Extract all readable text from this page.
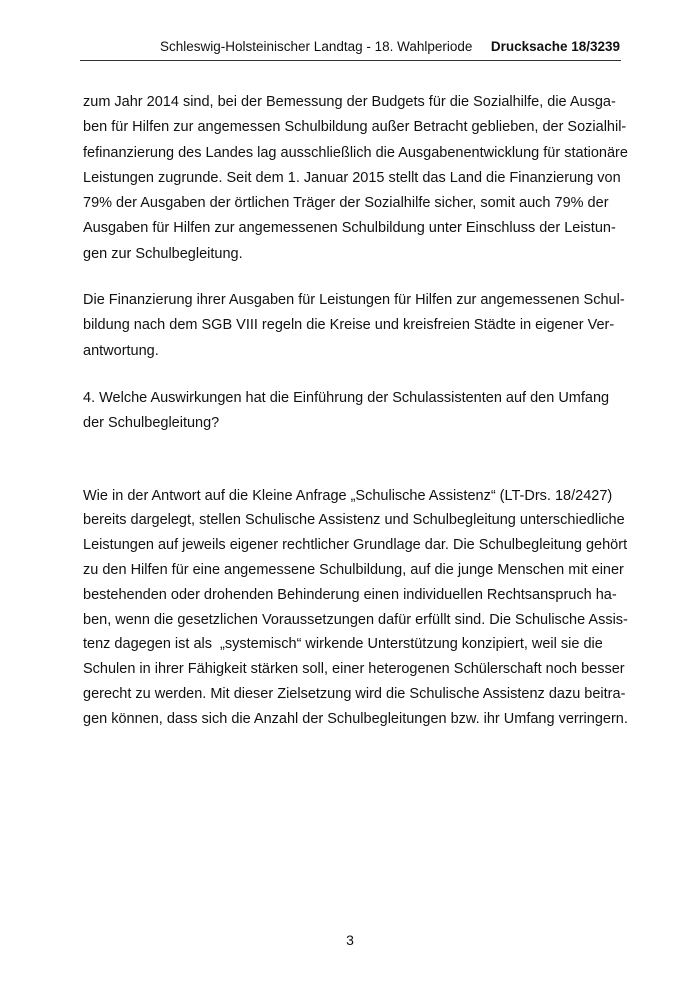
Schleswig-Holsteinischer Landtag - 18. Wahlperiode Drucksache 18/3239
zum Jahr 2014 sind, bei der Bemessung der Budgets für die Sozialhilfe, die Ausga-
ben für Hilfen zur angemessen Schulbildung außer Betracht geblieben, der Sozialhil-
fefinanzierung des Landes lag ausschließlich die Ausgabenentwicklung für stationäre
Leistungen zugrunde. Seit dem 1. Januar 2015 stellt das Land die Finanzierung von
79% der Ausgaben der örtlichen Träger der Sozialhilfe sicher, somit auch 79% der
Ausgaben für Hilfen zur angemessenen Schulbildung unter Einschluss der Leistun-
gen zur Schulbegleitung.
Die Finanzierung ihrer Ausgaben für Leistungen für Hilfen zur angemessenen Schul-
bildung nach dem SGB VIII regeln die Kreise und kreisfreien Städte in eigener Ver-
antwortung.
4. Welche Auswirkungen hat die Einführung der Schulassistenten auf den Umfang
der Schulbegleitung?
Wie in der Antwort auf die Kleine Anfrage „Schulische Assistenz“ (LT-Drs. 18/2427)
bereits dargelegt, stellen Schulische Assistenz und Schulbegleitung unterschiedliche
Leistungen auf jeweils eigener rechtlicher Grundlage dar. Die Schulbegleitung gehört
zu den Hilfen für eine angemessene Schulbildung, auf die junge Menschen mit einer
bestehenden oder drohenden Behinderung einen individuellen Rechtsanspruch ha-
ben, wenn die gesetzlichen Voraussetzungen dafür erfüllt sind. Die Schulische Assis-
tenz dagegen ist als  „systemisch“ wirkende Unterstützung konzipiert, weil sie die
Schulen in ihrer Fähigkeit stärken soll, einer heterogenen Schülerschaft noch besser
gerecht zu werden. Mit dieser Zielsetzung wird die Schulische Assistenz dazu beitra-
gen können, dass sich die Anzahl der Schulbegleitungen bzw. ihr Umfang verringern.
3
